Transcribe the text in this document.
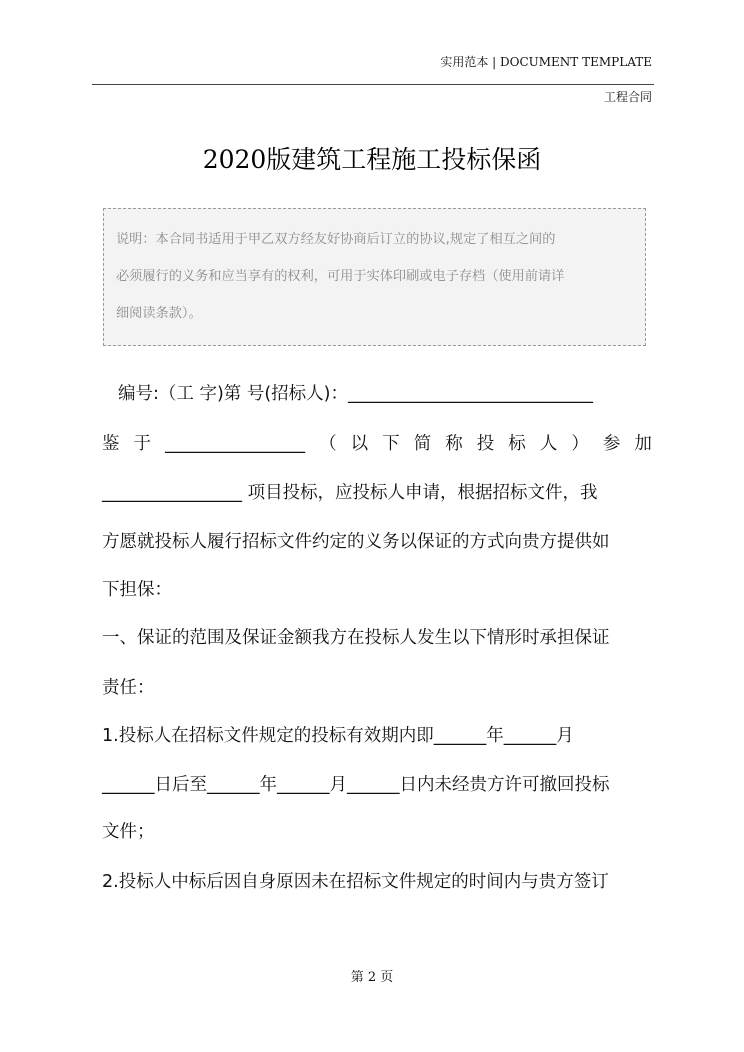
实用范本 | DOCUMENT TEMPLATE
工程合同
2020版建筑工程施工投标保函
说明：本合同书适用于甲乙双方经友好协商后订立的协议,规定了相互之间的
必须履行的义务和应当享有的权利，可用于实体印刷或电子存档（使用前请详
细阅读条款）。
编号:（工 字)第 号(招标人)：____________________________
鉴 于 ________________ （ 以 下 简 称 投 标 人 ） 参 加
________________ 项目投标，应投标人申请，根据招标文件，我
方愿就投标人履行招标文件约定的义务以保证的方式向贵方提供如
下担保：
一、保证的范围及保证金额我方在投标人发生以下情形时承担保证
责任：
1.投标人在招标文件规定的投标有效期内即______年______月
______日后至______年______月______日内未经贵方许可撤回投标
文件；
2.投标人中标后因自身原因未在招标文件规定的时间内与贵方签订
第 2 页
